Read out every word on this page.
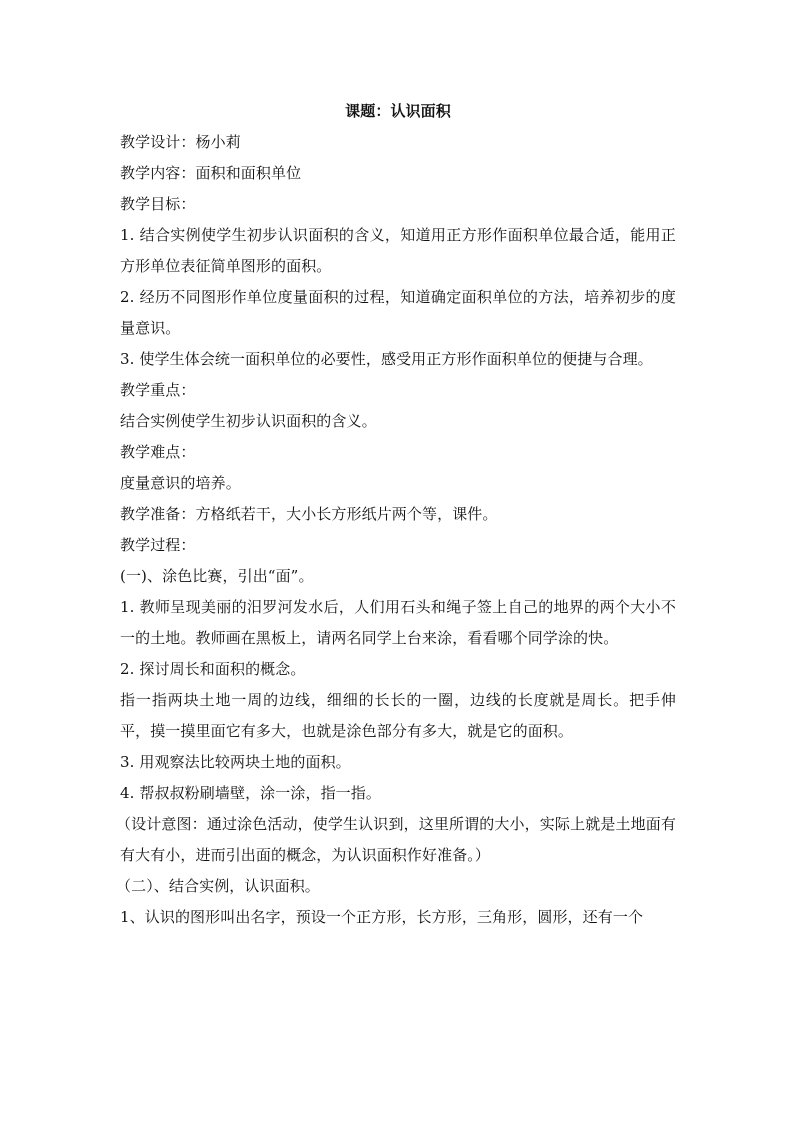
课题：认识面积

教学设计：杨小莉

教学内容：面积和面积单位

教学目标：

1. 结合实例使学生初步认识面积的含义，知道用正方形作面积单位最合适，能用正方形单位表征简单图形的面积。

2. 经历不同图形作单位度量面积的过程，知道确定面积单位的方法，培养初步的度量意识。

3. 使学生体会统一面积单位的必要性，感受用正方形作面积单位的便捷与合理。

教学重点：

结合实例使学生初步认识面积的含义。

教学难点：

度量意识的培养。

教学准备：方格纸若干，大小长方形纸片两个等，课件。

教学过程：

(一)、涂色比赛，引出“面”。

1. 教师呈现美丽的汨罗河发水后，人们用石头和绳子签上自己的地界的两个大小不一的土地。教师画在黑板上，请两名同学上台来涂，看看哪个同学涂的快。

2. 探讨周长和面积的概念。

指一指两块土地一周的边线，细细的长长的一圈，边线的长度就是周长。把手伸平，摸一摸里面它有多大，也就是涂色部分有多大，就是它的面积。

3. 用观察法比较两块土地的面积。

4. 帮叔叔粉刷墙壁，涂一涂，指一指。

（设计意图：通过涂色活动，使学生认识到，这里所谓的大小，实际上就是土地面有有大有小，进而引出面的概念，为认识面积作好准备。）

（二）、结合实例，认识面积。

1、认识的图形叫出名字，预设一个正方形，长方形，三角形，圆形，还有一个
